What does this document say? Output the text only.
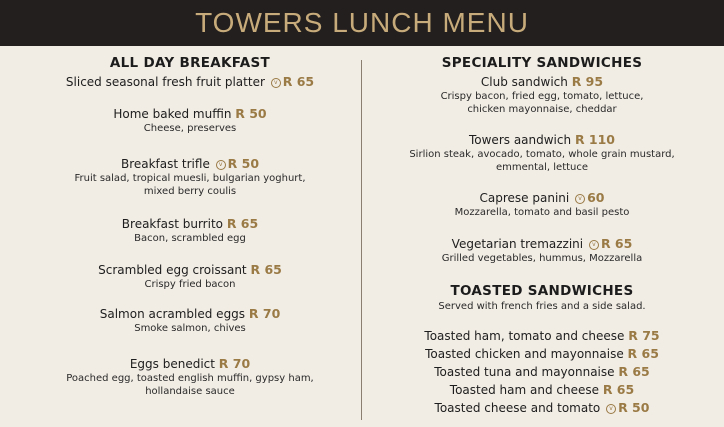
TOWERS LUNCH MENU
ALL DAY BREAKFAST
Sliced seasonal fresh fruit platter v R 65
Home baked muffin R 50
Cheese, preserves
Breakfast trifle v R 50
Fruit salad, tropical muesli, bulgarian yoghurt,
mixed berry coulis
Breakfast burrito R 65
Bacon, scrambled egg
Scrambled egg croissant R 65
Crispy fried bacon
Salmon acrambled eggs R 70
Smoke salmon, chives
Eggs benedict R 70
Poached egg, toasted english muffin, gypsy ham,
hollandaise sauce
SPECIALITY SANDWICHES
Club sandwich R 95
Crispy bacon, fried egg, tomato, lettuce,
chicken mayonnaise, cheddar
Towers aandwich R 110
Sirlion steak, avocado, tomato, whole grain mustard,
emmental, lettuce
Caprese panini v 60
Mozzarella, tomato and basil pesto
Vegetarian tremazzini v R 65
Grilled vegetables, hummus, Mozzarella
TOASTED SANDWICHES
Served with french fries and a side salad.
Toasted ham, tomato and cheese R 75
Toasted chicken and mayonnaise R 65
Toasted tuna and mayonnaise R 65
Toasted ham and cheese R 65
Toasted cheese and tomato v R 50
